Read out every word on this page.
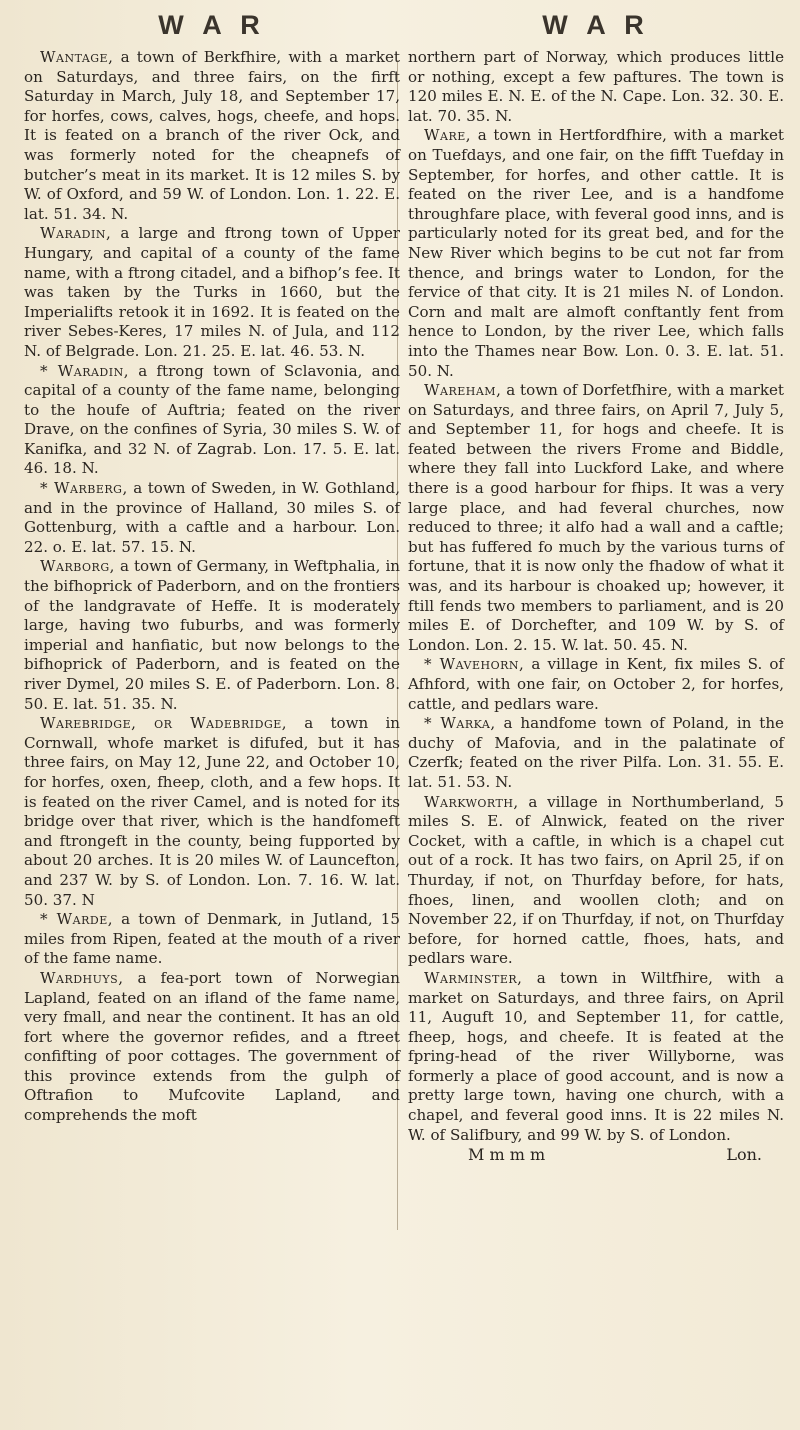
W A R

Wantage, a town of Berkfhire, with a market on Saturdays, and three fairs, on the firft Saturday in March, July 18, and September 17, for horfes, cows, calves, hogs, cheefe, and hops. It is feated on a branch of the river Ock, and was formerly noted for the cheapnefs of butcher’s meat in its market. It is 12 miles S. by W. of Oxford, and 59 W. of London. Lon. 1. 22. E. lat. 51. 34. N.

Waradin, a large and ftrong town of Upper Hungary, and capital of a county of the fame name, with a ftrong citadel, and a bifhop’s fee. It was taken by the Turks in 1660, but the Imperialifts retook it in 1692. It is feated on the river Sebes-Keres, 17 miles N. of Jula, and 112 N. of Belgrade. Lon. 21. 25. E. lat. 46. 53. N.

* Waradin, a ftrong town of Sclavonia, and capital of a county of the fame name, belonging to the houfe of Auftria; feated on the river Drave, on the confines of Syria, 30 miles S. W. of Kanifka, and 32 N. of Zagrab. Lon. 17. 5. E. lat. 46. 18. N.

* Warberg, a town of Sweden, in W. Gothland, and in the province of Halland, 30 miles S. of Gottenburg, with a caftle and a harbour. Lon. 22. o. E. lat. 57. 15. N.

Warborg, a town of Germany, in Weftphalia, in the bifhoprick of Paderborn, and on the frontiers of the landgravate of Heffe. It is moderately large, having two fuburbs, and was formerly imperial and hanfiatic, but now belongs to the bifhoprick of Paderborn, and is feated on the river Dymel, 20 miles S. E. of Paderborn. Lon. 8. 50. E. lat. 51. 35. N.

Warebridge, or Wadebridge, a town in Cornwall, whofe market is difufed, but it has three fairs, on May 12, June 22, and October 10, for horfes, oxen, fheep, cloth, and a few hops. It is feated on the river Camel, and is noted for its bridge over that river, which is the handfomeft and ftrongeft in the county, being fupported by about 20 arches. It is 20 miles W. of Launcefton, and 237 W. by S. of London. Lon. 7. 16. W. lat. 50. 37. N

* Warde, a town of Denmark, in Jutland, 15 miles from Ripen, feated at the mouth of a river of the fame name.

Wardhuys, a fea-port town of Norwegian Lapland, feated on an ifland of the fame name, very fmall, and near the continent. It has an old fort where the governor refides, and a ftreet confifting of poor cottages. The government of this province extends from the gulph of Oftrafion to Mufcovite Lapland, and comprehends the moft

W A R

northern part of Norway, which produces little or nothing, except a few paftures. The town is 120 miles E. N. E. of the N. Cape. Lon. 32. 30. E. lat. 70. 35. N.

Ware, a town in Hertfordfhire, with a market on Tuefdays, and one fair, on the fifft Tuefday in September, for horfes, and other cattle. It is feated on the river Lee, and is a handfome throughfare place, with feveral good inns, and is particularly noted for its great bed, and for the New River which begins to be cut not far from thence, and brings water to London, for the fervice of that city. It is 21 miles N. of London. Corn and malt are almoft conftantly fent from hence to London, by the river Lee, which falls into the Thames near Bow. Lon. 0. 3. E. lat. 51. 50. N.

Wareham, a town of Dorfetfhire, with a market on Saturdays, and three fairs, on April 7, July 5, and September 11, for hogs and cheefe. It is feated between the rivers Frome and Biddle, where they fall into Luckford Lake, and where there is a good harbour for fhips. It was a very large place, and had feveral churches, now reduced to three; it alfo had a wall and a caftle; but has fuffered fo much by the various turns of fortune, that it is now only the fhadow of what it was, and its harbour is choaked up; however, it ftill fends two members to parliament, and is 20 miles E. of Dorchefter, and 109 W. by S. of London. Lon. 2. 15. W. lat. 50. 45. N.

* Wavehorn, a village in Kent, fix miles S. of Afhford, with one fair, on October 2, for horfes, cattle, and pedlars ware.

* Warka, a handfome town of Poland, in the duchy of Mafovia, and in the palatinate of Czerfk; feated on the river Pilfa. Lon. 31. 55. E. lat. 51. 53. N.

Warkworth, a village in Northumberland, 5 miles S. E. of Alnwick, feated on the river Cocket, with a caftle, in which is a chapel cut out of a rock. It has two fairs, on April 25, if on Thurday, if not, on Thurfday before, for hats, fhoes, linen, and woollen cloth; and on November 22, if on Thurfday, if not, on Thurfday before, for horned cattle, fhoes, hats, and pedlars ware.

Warminster, a town in Wiltfhire, with a market on Saturdays, and three fairs, on April 11, Auguft 10, and September 11, for cattle, fheep, hogs, and cheefe. It is feated at the fpring-head of the river Willyborne, was formerly a place of good account, and is now a pretty large town, having one church, with a chapel, and feveral good inns. It is 22 miles N. W. of Salifbury, and 99 W. by S. of London.

M m m m	Lon.
